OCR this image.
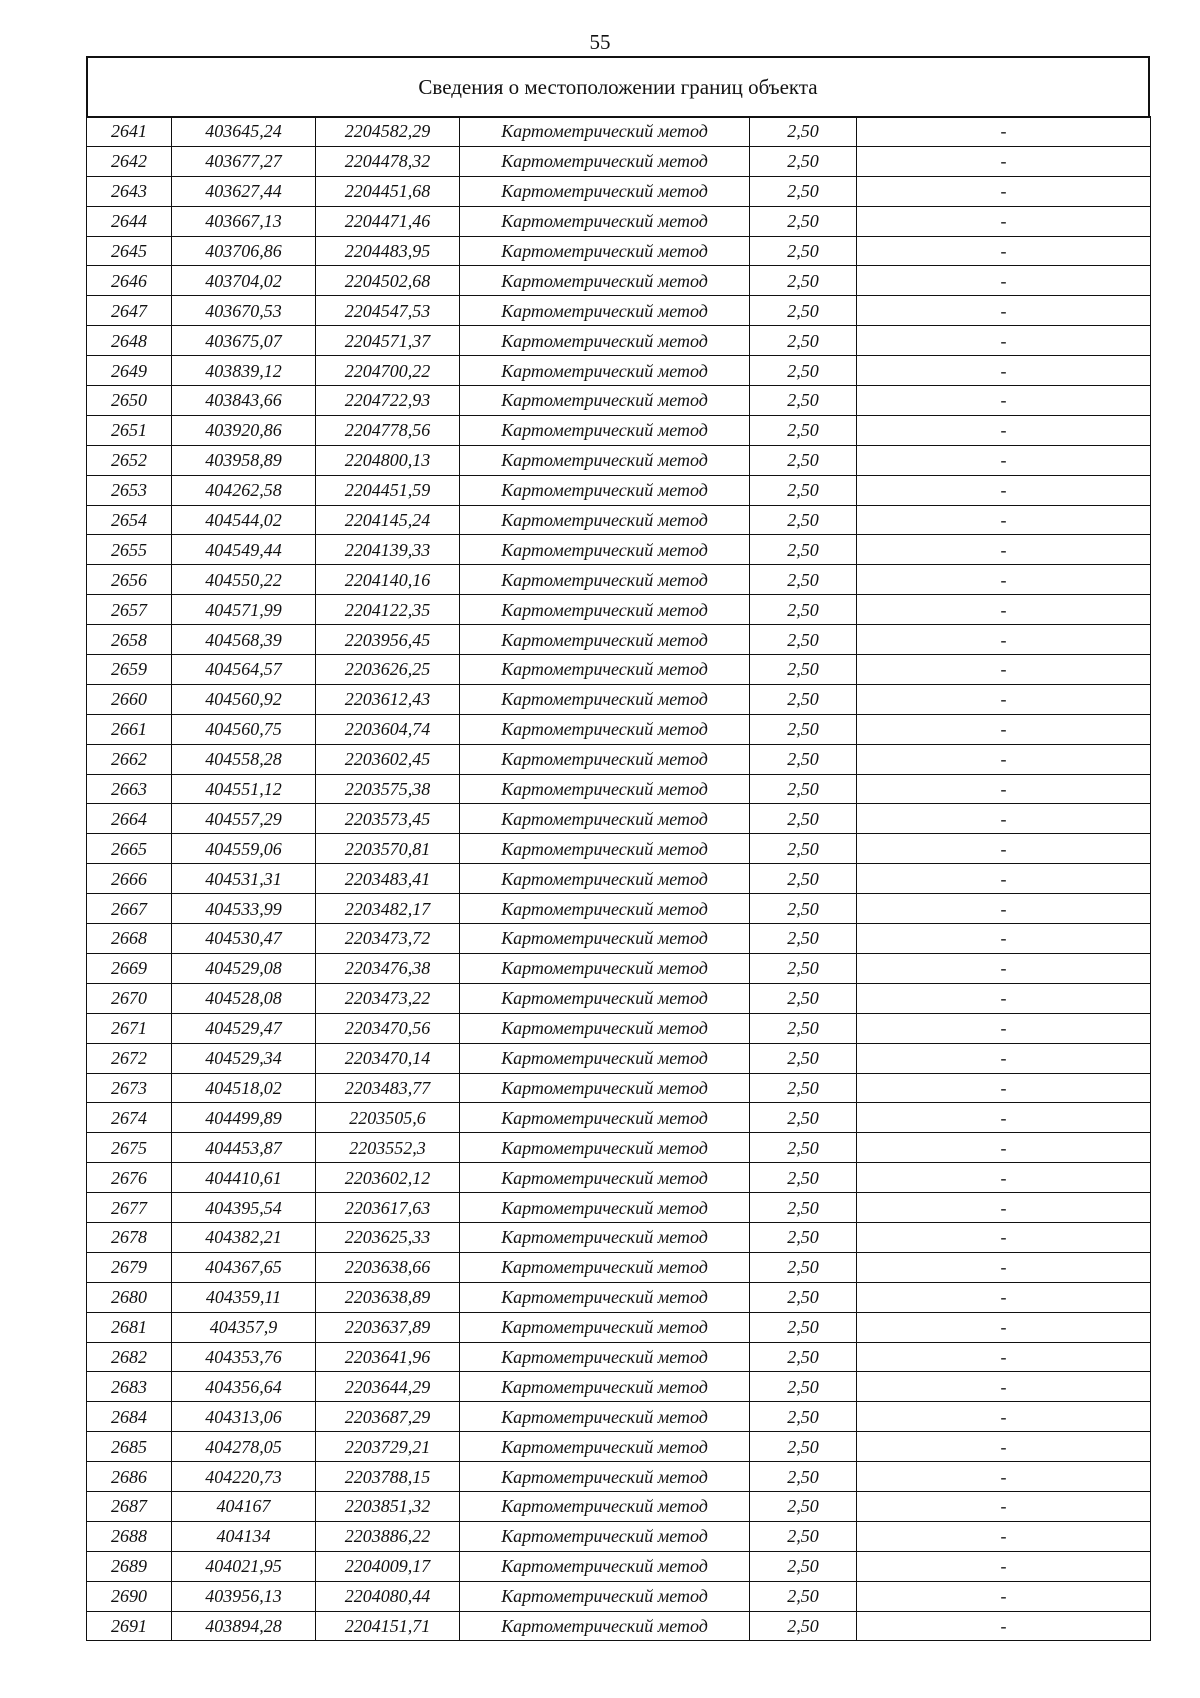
55
Сведения о местоположении границ объекта
2641	403645,24	2204582,29	Картометрический метод	2,50	-
2642	403677,27	2204478,32	Картометрический метод	2,50	-
2643	403627,44	2204451,68	Картометрический метод	2,50	-
2644	403667,13	2204471,46	Картометрический метод	2,50	-
2645	403706,86	2204483,95	Картометрический метод	2,50	-
2646	403704,02	2204502,68	Картометрический метод	2,50	-
2647	403670,53	2204547,53	Картометрический метод	2,50	-
2648	403675,07	2204571,37	Картометрический метод	2,50	-
2649	403839,12	2204700,22	Картометрический метод	2,50	-
2650	403843,66	2204722,93	Картометрический метод	2,50	-
2651	403920,86	2204778,56	Картометрический метод	2,50	-
2652	403958,89	2204800,13	Картометрический метод	2,50	-
2653	404262,58	2204451,59	Картометрический метод	2,50	-
2654	404544,02	2204145,24	Картометрический метод	2,50	-
2655	404549,44	2204139,33	Картометрический метод	2,50	-
2656	404550,22	2204140,16	Картометрический метод	2,50	-
2657	404571,99	2204122,35	Картометрический метод	2,50	-
2658	404568,39	2203956,45	Картометрический метод	2,50	-
2659	404564,57	2203626,25	Картометрический метод	2,50	-
2660	404560,92	2203612,43	Картометрический метод	2,50	-
2661	404560,75	2203604,74	Картометрический метод	2,50	-
2662	404558,28	2203602,45	Картометрический метод	2,50	-
2663	404551,12	2203575,38	Картометрический метод	2,50	-
2664	404557,29	2203573,45	Картометрический метод	2,50	-
2665	404559,06	2203570,81	Картометрический метод	2,50	-
2666	404531,31	2203483,41	Картометрический метод	2,50	-
2667	404533,99	2203482,17	Картометрический метод	2,50	-
2668	404530,47	2203473,72	Картометрический метод	2,50	-
2669	404529,08	2203476,38	Картометрический метод	2,50	-
2670	404528,08	2203473,22	Картометрический метод	2,50	-
2671	404529,47	2203470,56	Картометрический метод	2,50	-
2672	404529,34	2203470,14	Картометрический метод	2,50	-
2673	404518,02	2203483,77	Картометрический метод	2,50	-
2674	404499,89	2203505,6	Картометрический метод	2,50	-
2675	404453,87	2203552,3	Картометрический метод	2,50	-
2676	404410,61	2203602,12	Картометрический метод	2,50	-
2677	404395,54	2203617,63	Картометрический метод	2,50	-
2678	404382,21	2203625,33	Картометрический метод	2,50	-
2679	404367,65	2203638,66	Картометрический метод	2,50	-
2680	404359,11	2203638,89	Картометрический метод	2,50	-
2681	404357,9	2203637,89	Картометрический метод	2,50	-
2682	404353,76	2203641,96	Картометрический метод	2,50	-
2683	404356,64	2203644,29	Картометрический метод	2,50	-
2684	404313,06	2203687,29	Картометрический метод	2,50	-
2685	404278,05	2203729,21	Картометрический метод	2,50	-
2686	404220,73	2203788,15	Картометрический метод	2,50	-
2687	404167	2203851,32	Картометрический метод	2,50	-
2688	404134	2203886,22	Картометрический метод	2,50	-
2689	404021,95	2204009,17	Картометрический метод	2,50	-
2690	403956,13	2204080,44	Картометрический метод	2,50	-
2691	403894,28	2204151,71	Картометрический метод	2,50	-
